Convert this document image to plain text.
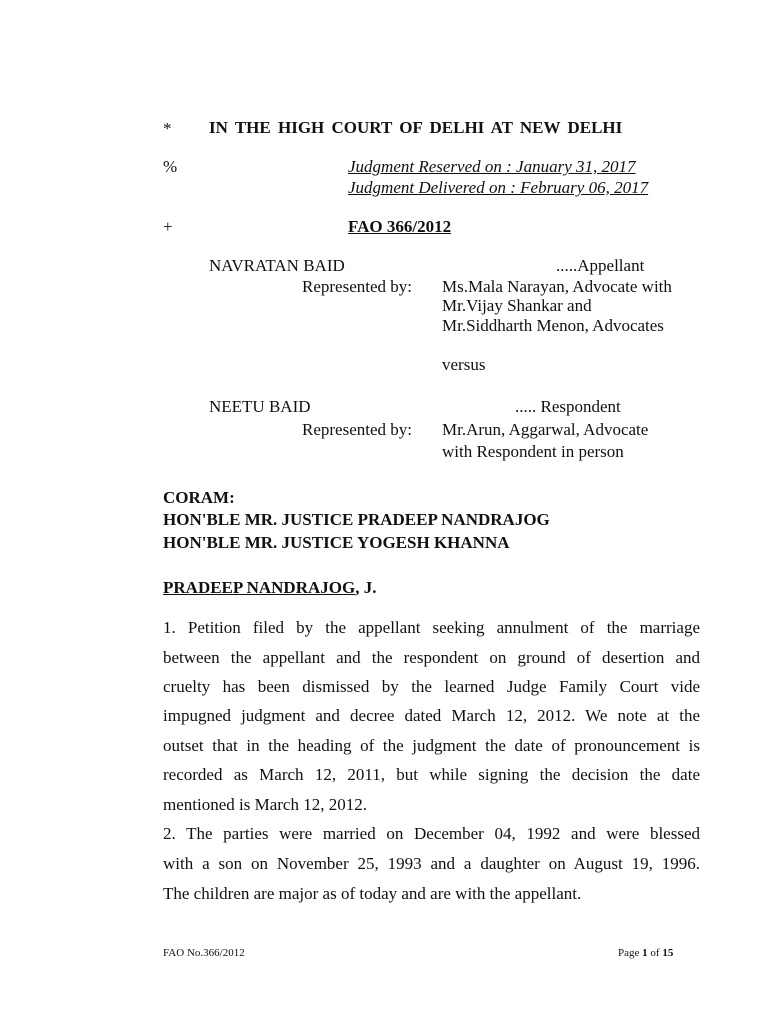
* IN THE HIGH COURT OF DELHI AT NEW DELHI
%	Judgment Reserved on : January 31, 2017
Judgment Delivered on : February 06, 2017
+	FAO 366/2012
NAVRATAN BAID	.....Appellant
Represented by: Ms.Mala Narayan, Advocate with
Mr.Vijay Shankar and
Mr.Siddharth Menon, Advocates
versus
NEETU BAID	..... Respondent
Represented by: Mr.Arun, Aggarwal, Advocate
with Respondent in person
CORAM:
HON'BLE MR. JUSTICE PRADEEP NANDRAJOG
HON'BLE MR. JUSTICE YOGESH KHANNA
PRADEEP NANDRAJOG, J.
1. Petition filed by the appellant seeking annulment of the marriage
between the appellant and the respondent on ground of desertion and
cruelty has been dismissed by the learned Judge Family Court vide
impugned judgment and decree dated March 12, 2012. We note at the
outset that in the heading of the judgment the date of pronouncement is
recorded as March 12, 2011, but while signing the decision the date
mentioned is March 12, 2012.
2. The parties were married on December 04, 1992 and were blessed
with a son on November 25, 1993 and a daughter on August 19, 1996.
The children are major as of today and are with the appellant.
FAO No.366/2012	Page 1 of 15
